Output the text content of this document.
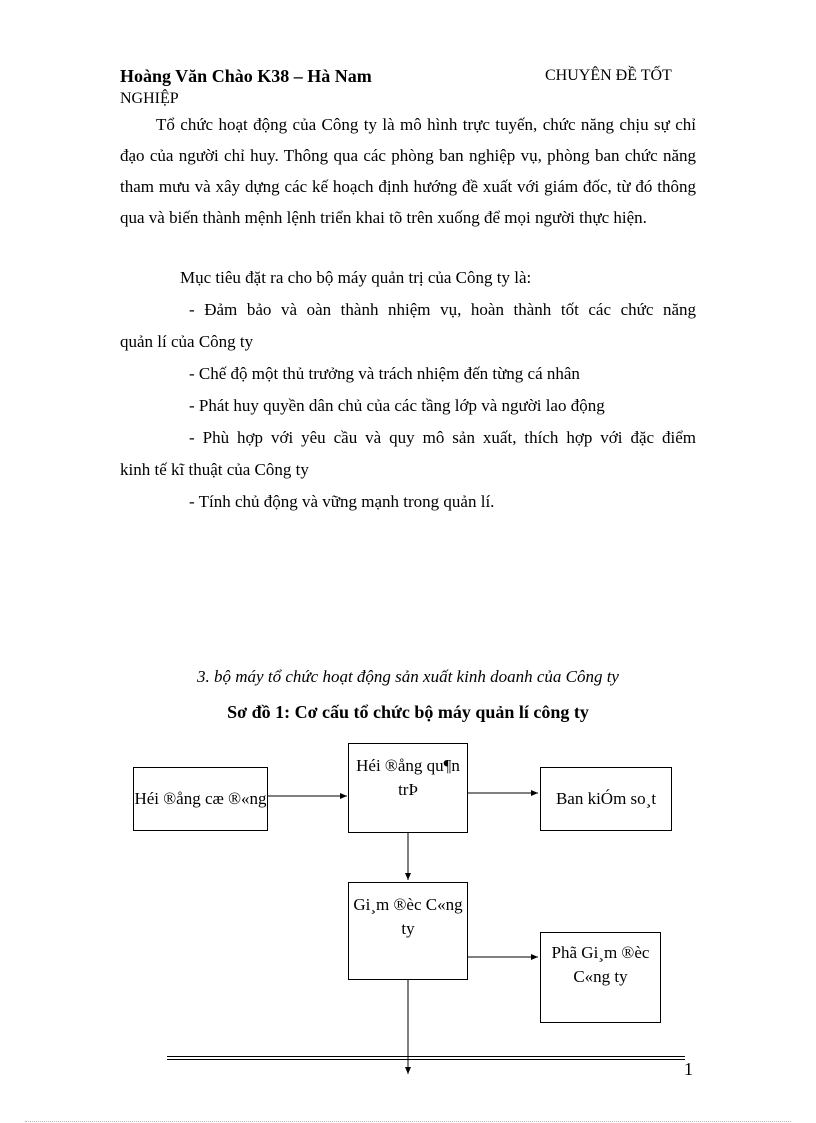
Hoàng Văn Chào K38 – Hà Nam	CHUYÊN ĐỀ TỐT
NGHIỆP
Tổ chức hoạt động của Công ty là mô hình trực tuyến, chức năng chịu sự chỉ đạo của người chỉ huy. Thông qua các phòng ban nghiệp vụ, phòng ban chức năng tham mưu và xây dựng các kế hoạch định hướng đề xuất với giám đốc, từ đó thông qua và biến thành mệnh lệnh triển khai tõ trên xuống để mọi người thực hiện.
Mục tiêu đặt ra cho bộ máy quản trị của Công ty là:
- Đảm bảo và oàn thành nhiệm vụ, hoàn thành tốt các chức năng
quản lí của Công ty
- Chế độ một thủ trưởng và trách nhiệm đến từng cá nhân
- Phát huy quyền dân chủ của các tầng lớp và người lao động
- Phù hợp với yêu cầu và quy mô sản xuất, thích hợp với đặc điểm
kinh tế kĩ thuật của Công ty
- Tính chủ động và vững mạnh trong quản lí.
3. bộ máy tổ chức hoạt động sản xuất kinh doanh của Công ty
Sơ đồ 1: Cơ cấu tổ chức bộ máy quản lí công ty
Héi ®ång cæ ®«ng
Héi ®ång qu¶n trÞ	Ban kiÓm so¸t
Gi¸m ®èc C«ng ty
Phã Gi¸m ®èc C«ng ty
1
